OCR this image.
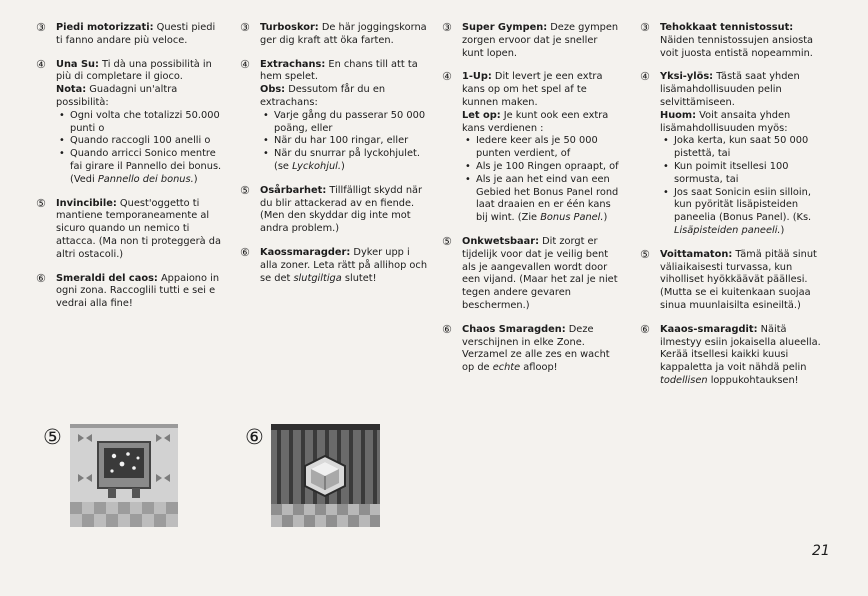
③ Piedi motorizzati: Questi piedi ti fanno andare più veloce.
④ Una Su: Ti dà una possibilità in più di completare il gioco.
Nota: Guadagni un'altra possibilità:
• Ogni volta che totalizzi 50.000 punti o
• Quando raccogli 100 anelli o
• Quando arricci Sonico mentre fai girare il Pannello dei bonus. (Vedi Pannello dei bonus.)
⑤ Invincibile: Quest'oggetto ti mantiene temporaneamente al sicuro quando un nemico ti attacca. (Ma non ti proteggerà da altri ostacoli.)
⑥ Smeraldi del caos: Appaiono in ogni zona. Raccoglili tutti e sei e vedrai alla fine!
③ Turboskor: De här joggingskorna ger dig kraft att öka farten.
④ Extrachans: En chans till att ta hem spelet.
Obs: Dessutom får du en extrachans:
• Varje gång du passerar 50 000 poäng, eller
• När du har 100 ringar, eller
• När du snurrar på lyckohjulet. (se Lyckohjul.)
⑤ Osårbarhet: Tillfälligt skydd när du blir attackerad av en fiende. (Men den skyddar dig inte mot andra problem.)
⑥ Kaossmaragder: Dyker upp i alla zoner. Leta rätt på allihop och se det slutgiltiga slutet!
③ Super Gympen: Deze gympen zorgen ervoor dat je sneller kunt lopen.
④ 1-Up: Dit levert je een extra kans op om het spel af te kunnen maken.
Let op: Je kunt ook een extra kans verdienen :
• Iedere keer als je 50 000 punten verdient, of
• Als je 100 Ringen opraapt, of
• Als je aan het eind van een Gebied het Bonus Panel rond laat draaien en er één kans bij wint. (Zie Bonus Panel.)
⑤ Onkwetsbaar: Dit zorgt er tijdelijk voor dat je veilig bent als je aangevallen wordt door een vijand. (Maar het zal je niet tegen andere gevaren beschermen.)
⑥ Chaos Smaragden: Deze verschijnen in elke Zone. Verzamel ze alle zes en wacht op de echte afloop!
③ Tehokkaat tennistossut: Näiden tennistossujen ansiosta voit juosta entistä nopeammin.
④ Yksi-ylös: Tästä saat yhden lisämahdollisuuden pelin selvittämiseen.
Huom: Voit ansaita yhden lisämahdollisuuden myös:
• Joka kerta, kun saat 50 000 pistettä, tai
• Kun poimit itsellesi 100 sormusta, tai
• Jos saat Sonicin esiin silloin, kun pyörität lisäpisteiden paneelia (Bonus Panel). (Ks. Lisäpisteiden paneeli.)
⑤ Voittamaton: Tämä pitää sinut väliaikaisesti turvassa, kun viholliset hyökkäävät päällesi. (Mutta se ei kuitenkaan suojaa sinua muunlaisilta esineiltä.)
⑥ Kaaos-smaragdit: Näitä ilmestyy esiin jokaisella alueella. Kerää itsellesi kaikki kuusi kappaletta ja voit nähdä pelin todellisen loppukohtauksen!
⑤	⑥
21
